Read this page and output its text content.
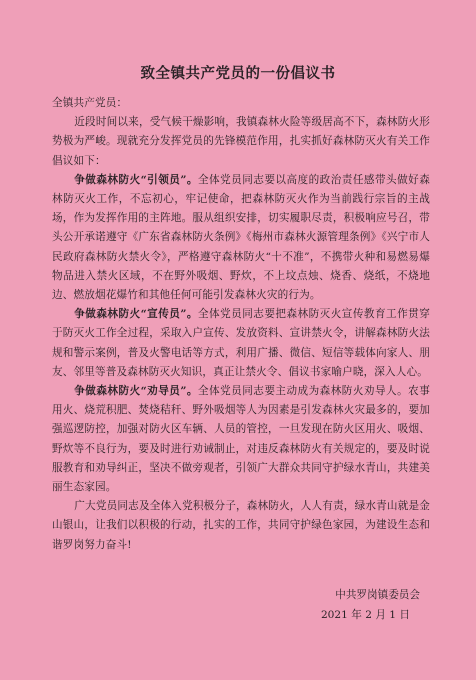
致全镇共产党员的一份倡议书

全镇共产党员：

近段时间以来，受气候干燥影响，我镇森林火险等级居高不下，森林防火形势极为严峻。现就充分发挥党员的先锋模范作用，扎实抓好森林防灭火有关工作倡议如下：

争做森林防火“引领员”。全体党员同志要以高度的政治责任感带头做好森林防灭火工作，不忘初心，牢记使命，把森林防灭火作为当前践行宗旨的主战场，作为发挥作用的主阵地。服从组织安排，切实履职尽责，积极响应号召，带头公开承诺遵守《广东省森林防火条例》《梅州市森林火源管理条例》《兴宁市人民政府森林防火禁火令》，严格遵守森林防火“十不准”，不携带火种和易燃易爆物品进入禁火区域，不在野外吸烟、野炊，不上坟点烛、烧香、烧纸，不烧地边、燃放烟花爆竹和其他任何可能引发森林火灾的行为。

争做森林防火“宣传员”。全体党员同志要把森林防灭火宣传教育工作贯穿于防灭火工作全过程，采取入户宣传、发放资料、宣讲禁火令，讲解森林防火法规和警示案例，普及火警电话等方式，利用广播、微信、短信等载体向家人、朋友、邻里等普及森林防灭火知识，真正让禁火令、倡议书家喻户晓，深入人心。

争做森林防火“劝导员”。全体党员同志要主动成为森林防火劝导人。农事用火、烧荒积肥、焚烧秸秆、野外吸烟等人为因素是引发森林火灾最多的，要加强巡逻防控，加强对防火区车辆、人员的管控，一旦发现在防火区用火、吸烟、野炊等不良行为，要及时进行劝诫制止，对违反森林防火有关规定的，要及时说服教育和劝导纠正，坚决不做旁观者，引领广大群众共同守护绿水青山，共建美丽生态家园。

广大党员同志及全体入党积极分子，森林防火，人人有责，绿水青山就是金山银山，让我们以积极的行动，扎实的工作，共同守护绿色家园，为建设生态和谐罗岗努力奋斗!

中共罗岗镇委员会
2021 年 2 月 1 日
